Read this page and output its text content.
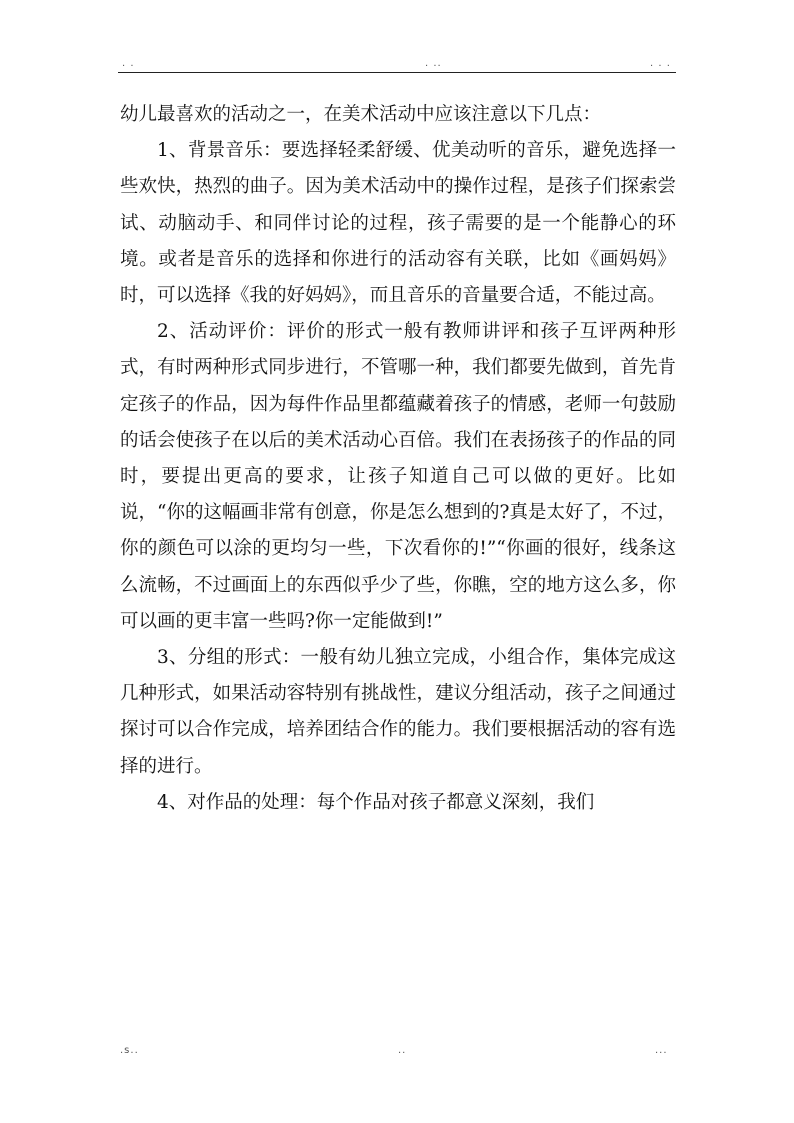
. .	. ..	. . .

幼儿最喜欢的活动之一，在美术活动中应该注意以下几点：

1、背景音乐：要选择轻柔舒缓、优美动听的音乐，避免选择一些欢快，热烈的曲子。因为美术活动中的操作过程，是孩子们探索尝试、动脑动手、和同伴讨论的过程，孩子需要的是一个能静心的环境。或者是音乐的选择和你进行的活动容有关联，比如《画妈妈》时，可以选择《我的好妈妈》，而且音乐的音量要合适，不能过高。

2、活动评价：评价的形式一般有教师讲评和孩子互评两种形式，有时两种形式同步进行，不管哪一种，我们都要先做到，首先肯定孩子的作品，因为每件作品里都蕴藏着孩子的情感，老师一句鼓励的话会使孩子在以后的美术活动心百倍。我们在表扬孩子的作品的同时，要提出更高的要求，让孩子知道自己可以做的更好。比如说，“你的这幅画非常有创意，你是怎么想到的?真是太好了，不过，你的颜色可以涂的更均匀一些，下次看你的!”“你画的很好，线条这么流畅，不过画面上的东西似乎少了些，你瞧，空的地方这么多，你可以画的更丰富一些吗?你一定能做到!”

3、分组的形式：一般有幼儿独立完成，小组合作，集体完成这几种形式，如果活动容特别有挑战性，建议分组活动，孩子之间通过探讨可以合作完成，培养团结合作的能力。我们要根据活动的容有选择的进行。

4、对作品的处理：每个作品对孩子都意义深刻，我们

.s..	..	...
